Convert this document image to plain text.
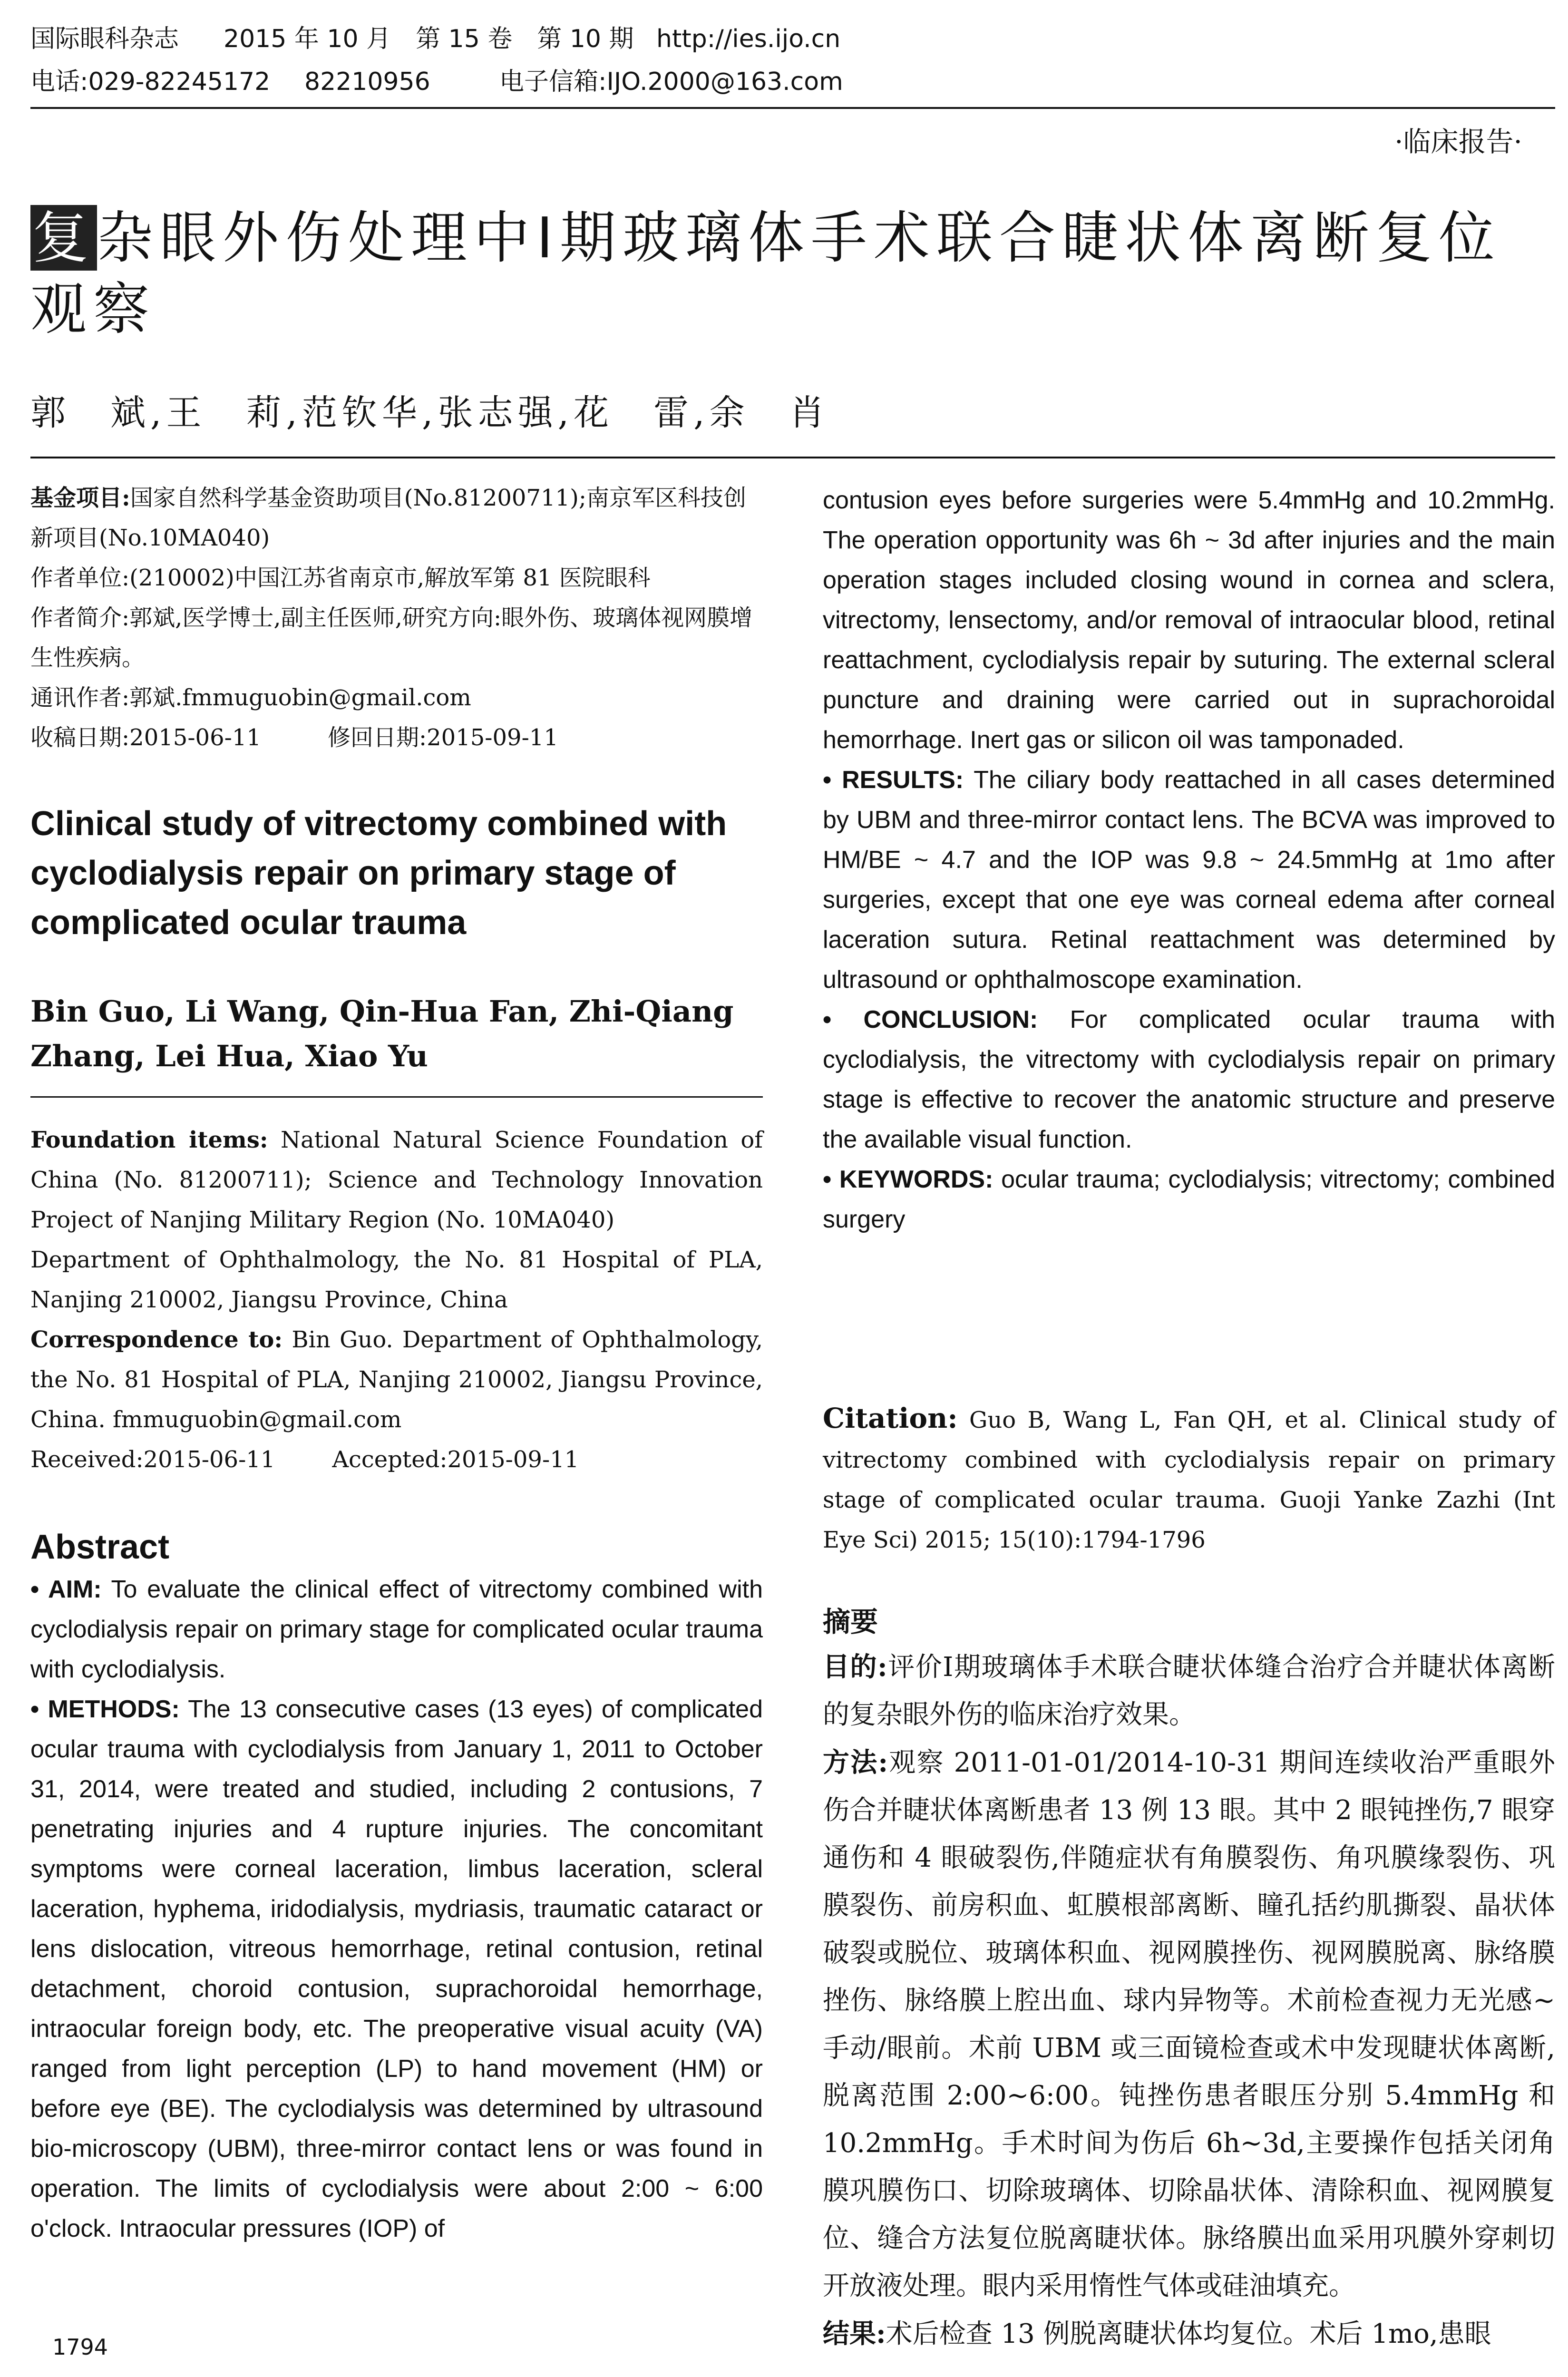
国际眼科杂志 2015 年 10 月　第 15 卷　第 10 期 http://ies.ijo.cn
电话:029-82245172 82210956	电子信箱:IJO.2000@163.com
·临床报告·
复杂眼外伤处理中Ⅰ期玻璃体手术联合睫状体离断复位
观察
郭　斌,王　莉,范钦华,张志强,花　雷,余　肖

基金项目:国家自然科学基金资助项目(No.81200711);南京军区科技创新项目(No.10MA040)

作者单位:(210002)中国江苏省南京市,解放军第 81 医院眼科

作者简介:郭斌,医学博士,副主任医师,研究方向:眼外伤、玻璃体视网膜增生性疾病。

通讯作者:郭斌.fmmuguobin@gmail.com

收稿日期:2015-06-11	修回日期:2015-09-11

Clinical study of vitrectomy combined with cyclodialysis repair on primary stage of complicated ocular trauma
Bin Guo, Li Wang, Qin-Hua Fan, Zhi-Qiang Zhang, Lei Hua, Xiao Yu

Foundation items: National Natural Science Foundation of China (No. 81200711); Science and Technology Innovation Project of Nanjing Military Region (No. 10MA040)

Department of Ophthalmology, the No. 81 Hospital of PLA, Nanjing 210002, Jiangsu Province, China

Correspondence to: Bin Guo. Department of Ophthalmology, the No. 81 Hospital of PLA, Nanjing 210002, Jiangsu Province, China. fmmuguobin@gmail.com

Received:2015-06-11	Accepted:2015-09-11

Abstract

• AIM: To evaluate the clinical effect of vitrectomy combined with cyclodialysis repair on primary stage for complicated ocular trauma with cyclodialysis.

• METHODS: The 13 consecutive cases (13 eyes) of complicated ocular trauma with cyclodialysis from January 1, 2011 to October 31, 2014, were treated and studied, including 2 contusions, 7 penetrating injuries and 4 rupture injuries. The concomitant symptoms were corneal laceration, limbus laceration, scleral laceration, hyphema, iridodialysis, mydriasis, traumatic cataract or lens dislocation, vitreous hemorrhage, retinal contusion, retinal detachment, choroid contusion, suprachoroidal hemorrhage, intraocular foreign body, etc. The preoperative visual acuity (VA) ranged from light perception (LP) to hand movement (HM) or before eye (BE). The cyclodialysis was determined by ultrasound bio-microscopy (UBM), three-mirror contact lens or was found in operation. The limits of cyclodialysis were about 2:00 ~ 6:00 o'clock. Intraocular pressures (IOP) of

1794

contusion eyes before surgeries were 5.4mmHg and 10.2mmHg. The operation opportunity was 6h ~ 3d after injuries and the main operation stages included closing wound in cornea and sclera, vitrectomy, lensectomy, and/or removal of intraocular blood, retinal reattachment, cyclodialysis repair by suturing. The external scleral puncture and draining were carried out in suprachoroidal hemorrhage. Inert gas or silicon oil was tamponaded.

• RESULTS: The ciliary body reattached in all cases determined by UBM and three-mirror contact lens. The BCVA was improved to HM/BE ~ 4.7 and the IOP was 9.8 ~ 24.5mmHg at 1mo after surgeries, except that one eye was corneal edema after corneal laceration sutura. Retinal reattachment was determined by ultrasound or ophthalmoscope examination.

• CONCLUSION: For complicated ocular trauma with cyclodialysis, the vitrectomy with cyclodialysis repair on primary stage is effective to recover the anatomic structure and preserve the available visual function.

• KEYWORDS: ocular trauma; cyclodialysis; vitrectomy; combined surgery

Citation: Guo B, Wang L, Fan QH, et al. Clinical study of vitrectomy combined with cyclodialysis repair on primary stage of complicated ocular trauma. Guoji Yanke Zazhi (Int Eye Sci) 2015; 15(10):1794-1796
摘要

目的:评价Ⅰ期玻璃体手术联合睫状体缝合治疗合并睫状体离断的复杂眼外伤的临床治疗效果。

方法:观察 2011-01-01/2014-10-31 期间连续收治严重眼外伤合并睫状体离断患者 13 例 13 眼。其中 2 眼钝挫伤,7 眼穿通伤和 4 眼破裂伤,伴随症状有角膜裂伤、角巩膜缘裂伤、巩膜裂伤、前房积血、虹膜根部离断、瞳孔括约肌撕裂、晶状体破裂或脱位、玻璃体积血、视网膜挫伤、视网膜脱离、脉络膜挫伤、脉络膜上腔出血、球内异物等。术前检查视力无光感~手动/眼前。术前 UBM 或三面镜检查或术中发现睫状体离断,脱离范围 2:00~6:00。钝挫伤患者眼压分别 5.4mmHg 和 10.2mmHg。手术时间为伤后 6h~3d,主要操作包括关闭角膜巩膜伤口、切除玻璃体、切除晶状体、清除积血、视网膜复位、缝合方法复位脱离睫状体。脉络膜出血采用巩膜外穿刺切开放液处理。眼内采用惰性气体或硅油填充。

结果:术后检查 13 例脱离睫状体均复位。术后 1mo,患眼
